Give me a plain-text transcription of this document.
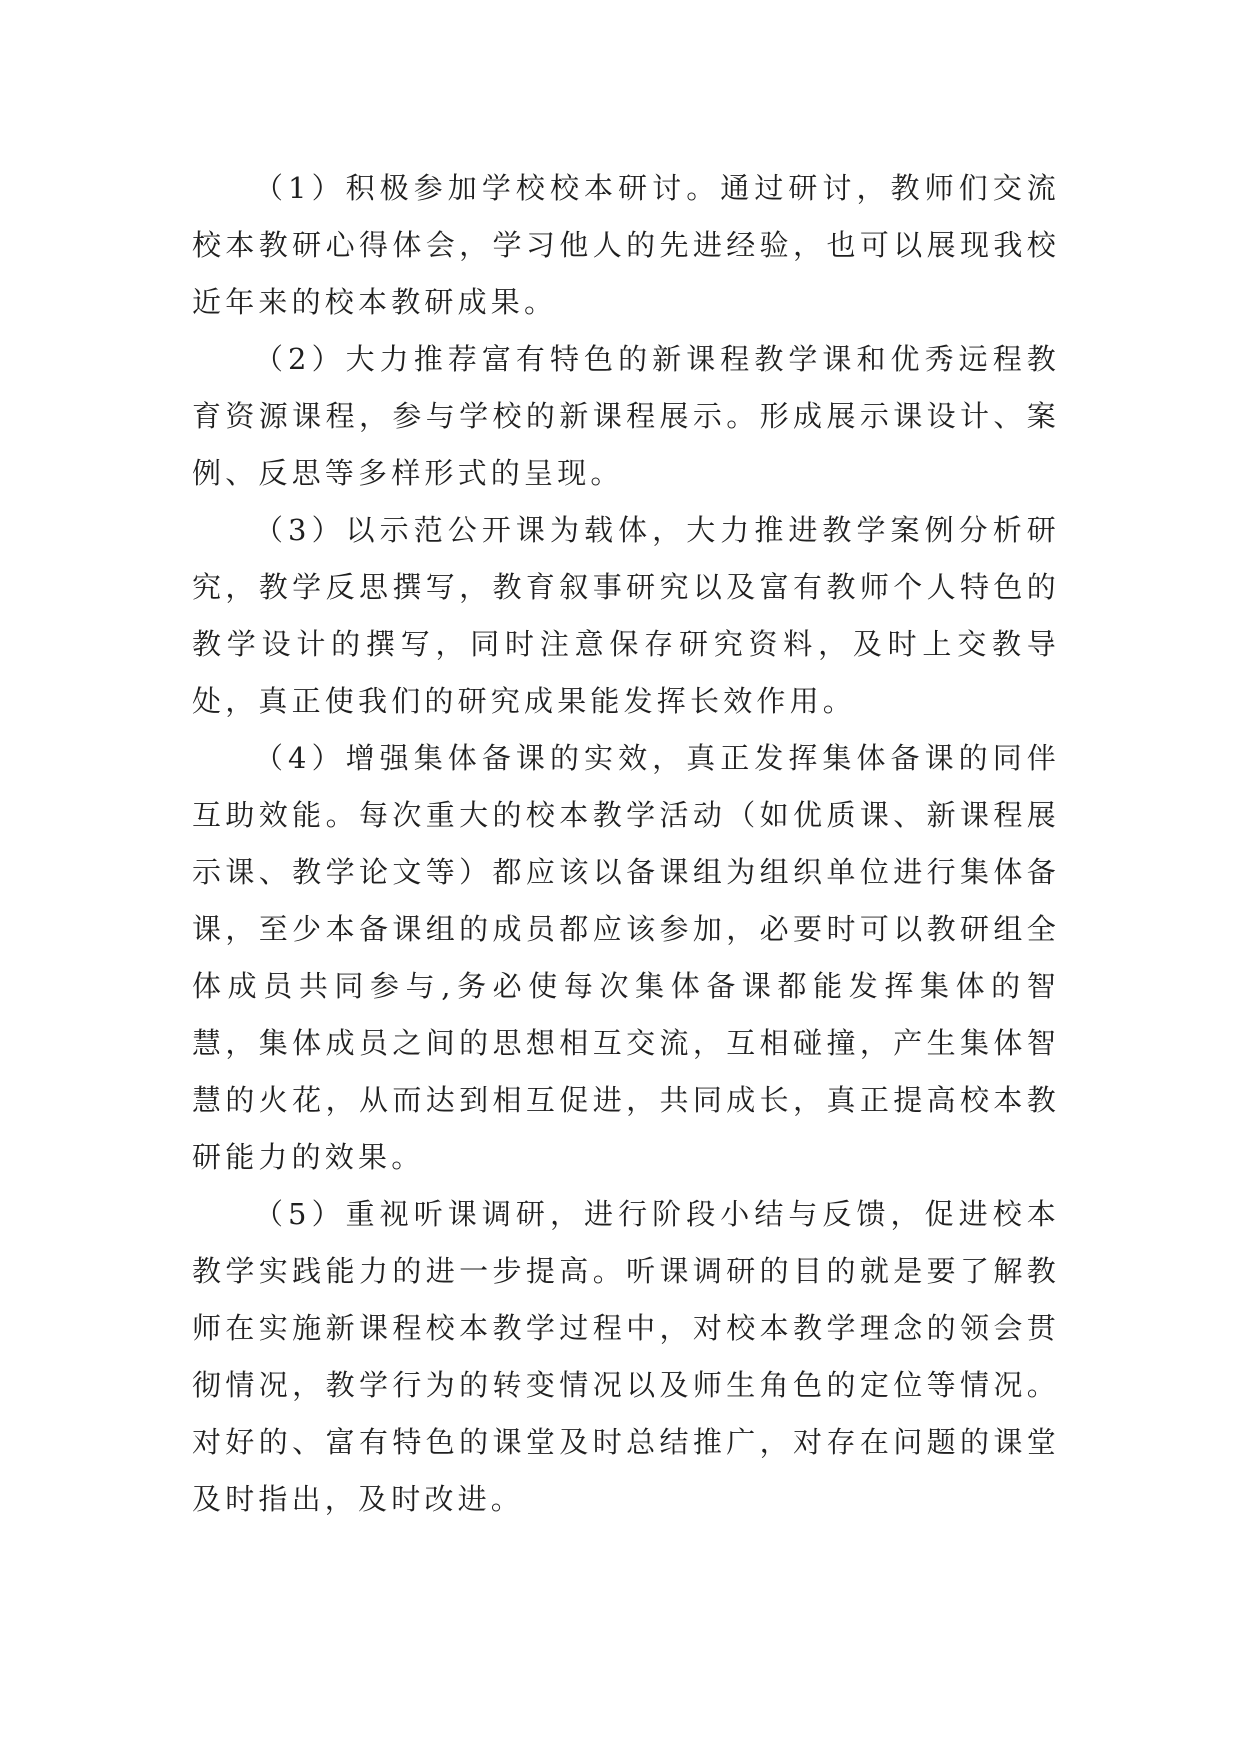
（1）积极参加学校校本研讨。通过研讨，教师们交流校本教研心得体会，学习他人的先进经验，也可以展现我校近年来的校本教研成果。

（2）大力推荐富有特色的新课程教学课和优秀远程教育资源课程，参与学校的新课程展示。形成展示课设计、案例、反思等多样形式的呈现。

（3）以示范公开课为载体，大力推进教学案例分析研究，教学反思撰写，教育叙事研究以及富有教师个人特色的教学设计的撰写，同时注意保存研究资料，及时上交教导处，真正使我们的研究成果能发挥长效作用。

（4）增强集体备课的实效，真正发挥集体备课的同伴互助效能。每次重大的校本教学活动（如优质课、新课程展示课、教学论文等）都应该以备课组为组织单位进行集体备课，至少本备课组的成员都应该参加，必要时可以教研组全体成员共同参与,务必使每次集体备课都能发挥集体的智慧，集体成员之间的思想相互交流，互相碰撞，产生集体智慧的火花，从而达到相互促进，共同成长，真正提高校本教研能力的效果。

（5）重视听课调研，进行阶段小结与反馈，促进校本教学实践能力的进一步提高。听课调研的目的就是要了解教师在实施新课程校本教学过程中，对校本教学理念的领会贯彻情况，教学行为的转变情况以及师生角色的定位等情况。对好的、富有特色的课堂及时总结推广，对存在问题的课堂及时指出，及时改进。
